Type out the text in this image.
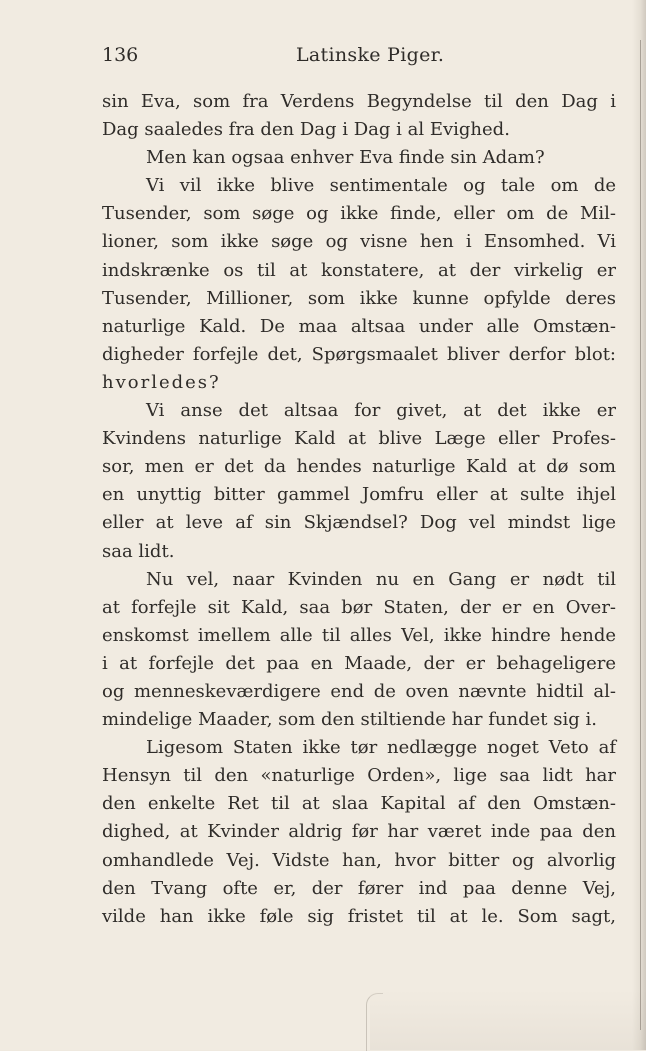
136	Latinske Piger.
sin Eva, som fra Verdens Begyndelse til den Dag i
Dag saaledes fra den Dag i Dag i al Evighed.
Men kan ogsaa enhver Eva finde sin Adam?
Vi vil ikke blive sentimentale og tale om de
Tusender, som søge og ikke finde, eller om de Mil-
lioner, som ikke søge og visne hen i Ensomhed. Vi
indskrænke os til at konstatere, at der virkelig er
Tusender, Millioner, som ikke kunne opfylde deres
naturlige Kald. De maa altsaa under alle Omstæn-
digheder forfejle det, Spørgsmaalet bliver derfor blot:
hvorledes?
Vi anse det altsaa for givet, at det ikke er
Kvindens naturlige Kald at blive Læge eller Profes-
sor, men er det da hendes naturlige Kald at dø som
en unyttig bitter gammel Jomfru eller at sulte ihjel
eller at leve af sin Skjændsel? Dog vel mindst lige
saa lidt.
Nu vel, naar Kvinden nu en Gang er nødt til
at forfejle sit Kald, saa bør Staten, der er en Over-
enskomst imellem alle til alles Vel, ikke hindre hende
i at forfejle det paa en Maade, der er behageligere
og menneskeværdigere end de oven nævnte hidtil al-
mindelige Maader, som den stiltiende har fundet sig i.
Ligesom Staten ikke tør nedlægge noget Veto af
Hensyn til den «naturlige Orden», lige saa lidt har
den enkelte Ret til at slaa Kapital af den Omstæn-
dighed, at Kvinder aldrig før har været inde paa den
omhandlede Vej. Vidste han, hvor bitter og alvorlig
den Tvang ofte er, der fører ind paa denne Vej,
vilde han ikke føle sig fristet til at le. Som sagt,
